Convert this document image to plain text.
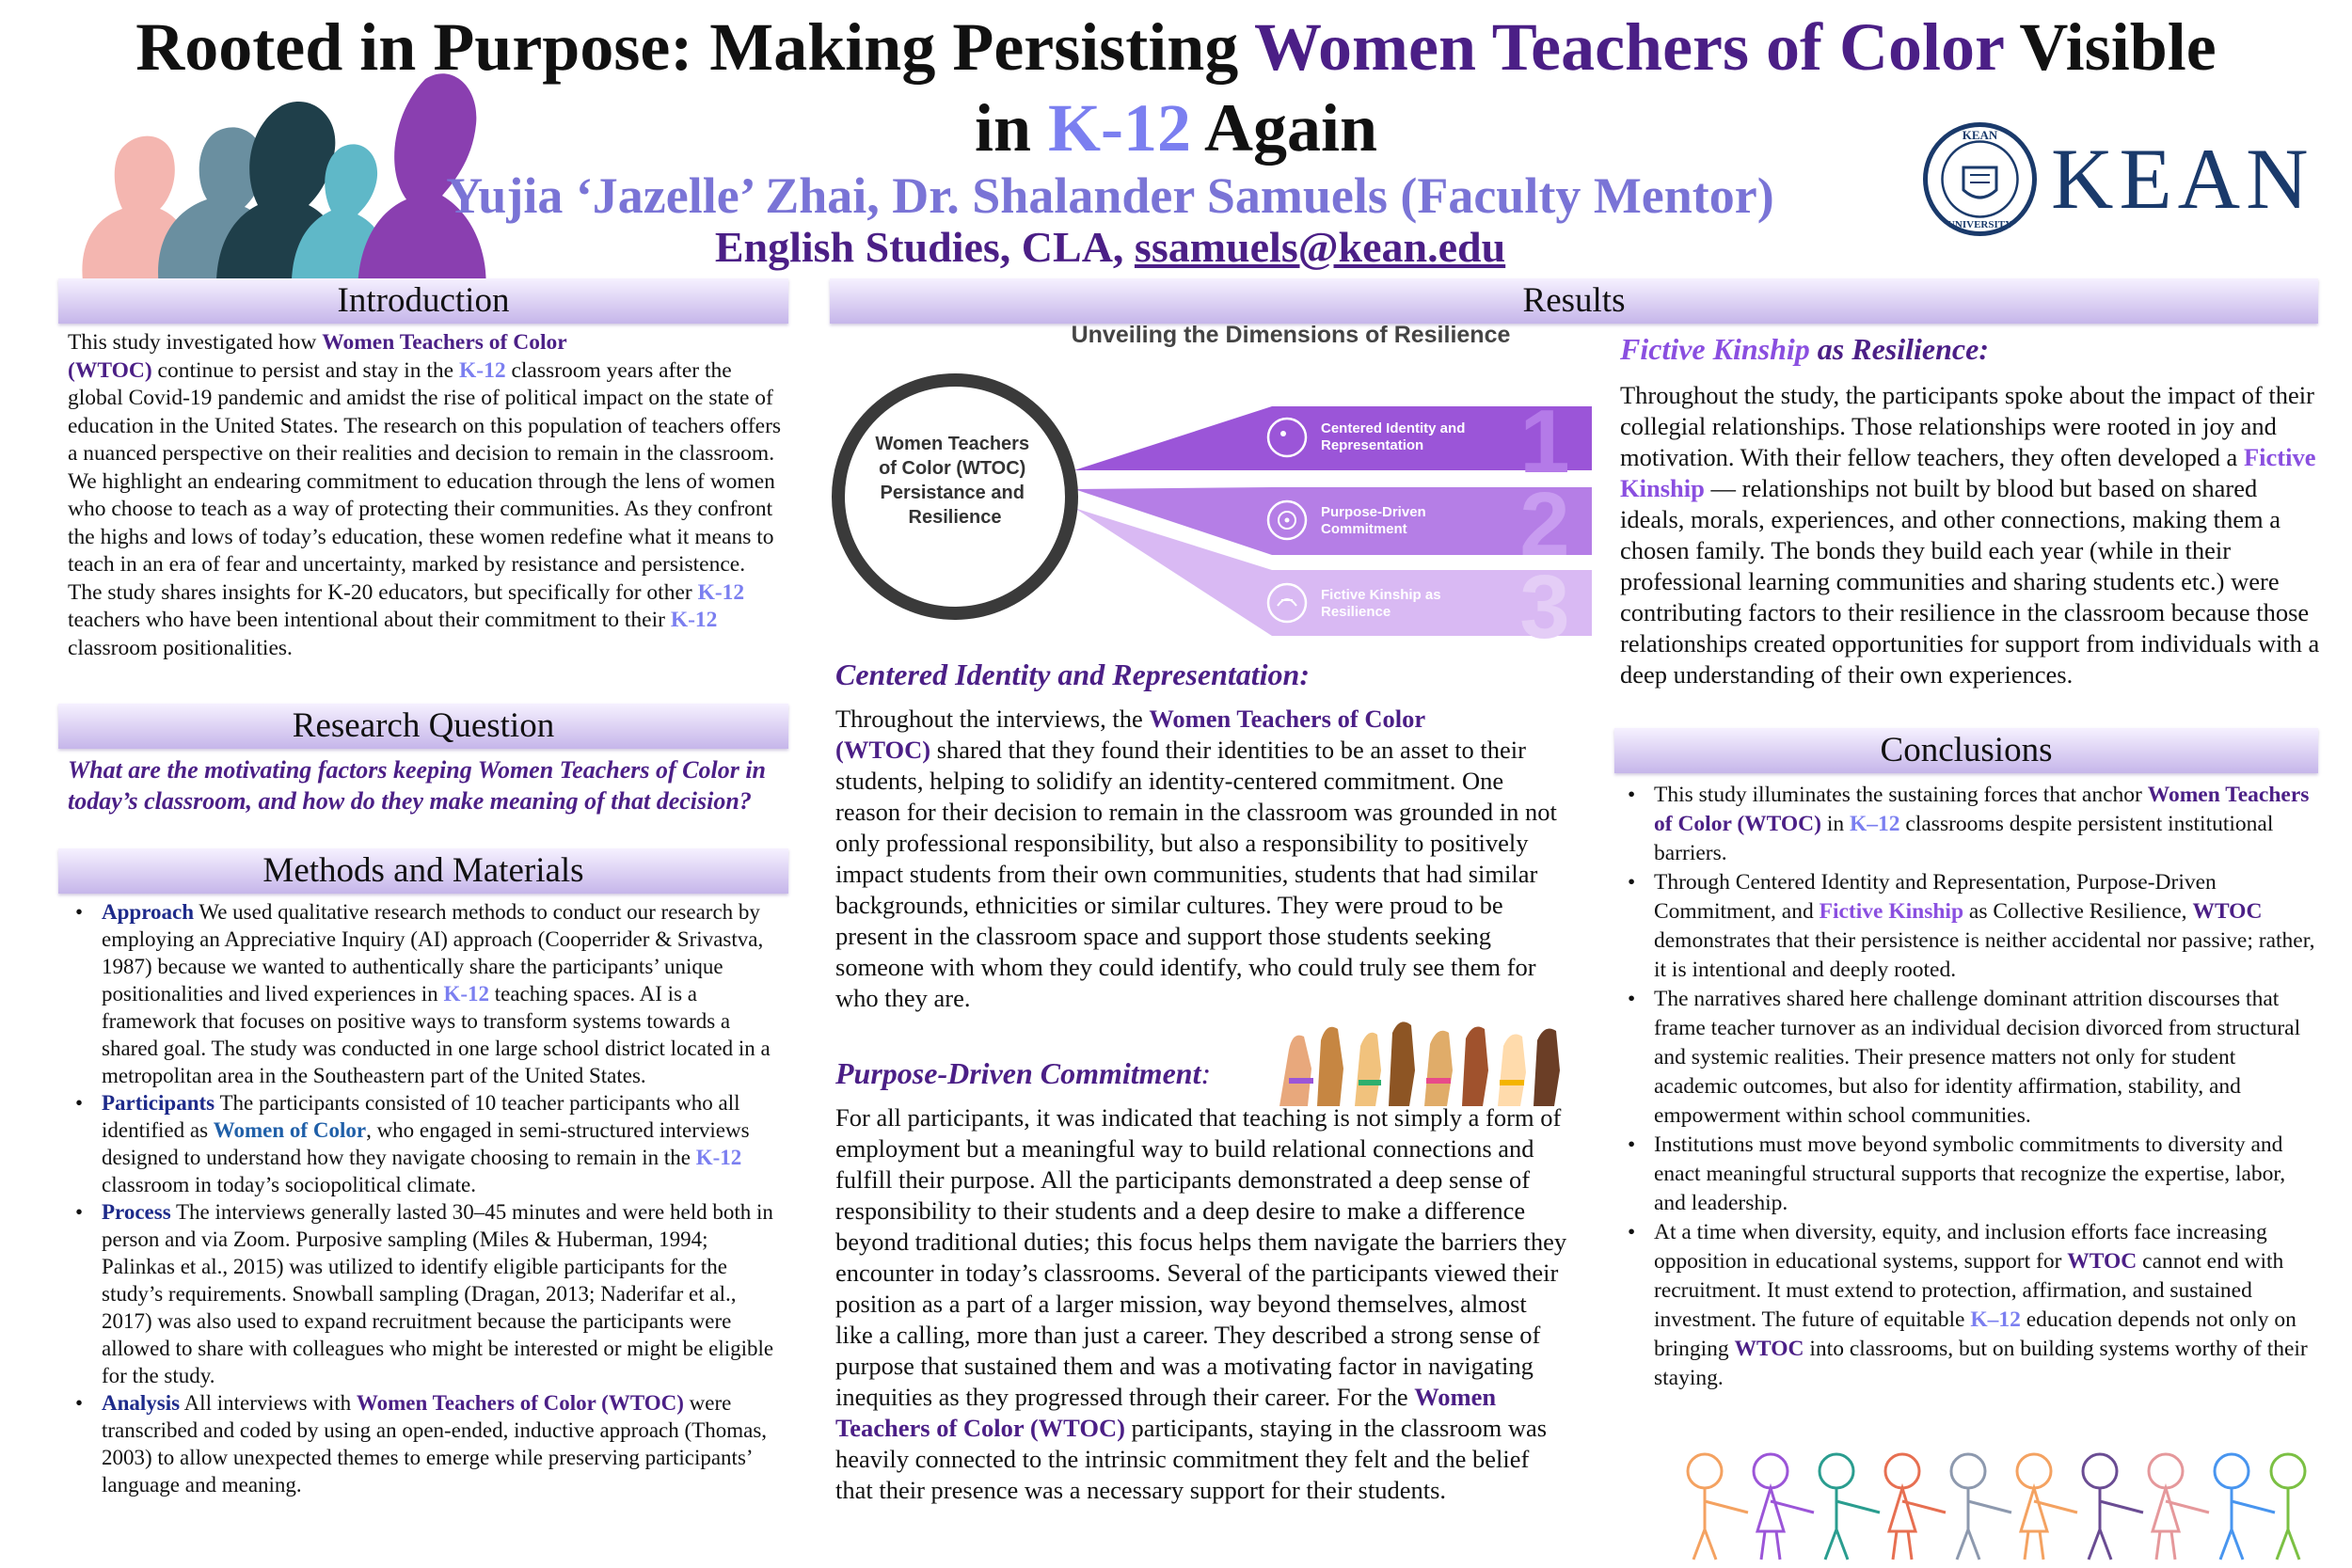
Rooted in Purpose: Making Persisting Women Teachers of Color Visible
in K-12 Again
Yujia ‘Jazelle’ Zhai, Dr. Shalander Samuels (Faculty Mentor)
English Studies, CLA, ssamuels@kean.edu
KEAN
UNIVERSITY KEAN
Introduction

This study investigated how Women Teachers of Color
(WTOC) continue to persist and stay in the K-12 classroom years after the global Covid-19 pandemic and amidst the rise of political impact on the state of education in the United States. The research on this population of teachers offers a nuanced perspective on their realities and decision to remain in the classroom. We highlight an endearing commitment to education through the lens of women who choose to teach as a way of protecting their communities. As they confront the highs and lows of today’s education, these women redefine what it means to teach in an era of fear and uncertainty, marked by resistance and persistence. The study shares insights for K-20 educators, but specifically for other K-12 teachers who have been intentional about their commitment to their K-12 classroom positionalities.

Research Question
What are the motivating factors keeping Women Teachers of Color in today’s classroom, and how do they make meaning of that decision?
Methods and Materials
• Approach We used qualitative research methods to conduct our research by employing an Appreciative Inquiry (AI) approach (Cooperrider & Srivastva, 1987) because we wanted to authentically share the participants’ unique positionalities and lived experiences in K-12 teaching spaces. AI is a framework that focuses on positive ways to transform systems towards a shared goal. The study was conducted in one large school district located in a metropolitan area in the Southeastern part of the United States.
• Participants The participants consisted of 10 teacher participants who all identified as Women of Color, who engaged in semi-structured interviews designed to understand how they navigate choosing to remain in the K-12 classroom in today’s sociopolitical climate.
• Process The interviews generally lasted 30–45 minutes and were held both in person and via Zoom. Purposive sampling (Miles & Huberman, 1994; Palinkas et al., 2015) was utilized to identify eligible participants for the study’s requirements. Snowball sampling (Dragan, 2013; Naderifar et al., 2017) was also used to expand recruitment because the participants were allowed to share with colleagues who might be interested or might be eligible for the study.
• Analysis All interviews with Women Teachers of Color (WTOC) were transcribed and coded by using an open-ended, inductive approach (Thomas, 2003) to allow unexpected themes to emerge while preserving participants’ language and meaning.
Results
Unveiling the Dimensions of Resilience
Women Teachers of Color (WTOC) Persistance and Resilience
Centered Identity and Representation	1
Purpose-Driven Commitment 2
Fictive Kinship as Resilience	3
Centered Identity and Representation:

Throughout the interviews, the Women Teachers of Color
(WTOC) shared that they found their identities to be an asset to their students, helping to solidify an identity-centered commitment. One reason for their decision to remain in the classroom was grounded in not only professional responsibility, but also a responsibility to positively impact students from their own communities, students that had similar backgrounds, ethnicities or similar cultures. They were proud to be present in the classroom space and support those students seeking someone with whom they could identify, who could truly see them for who they are.

Purpose-Driven Commitment:

For all participants, it was indicated that teaching is not simply a form of employment but a meaningful way to build relational connections and fulfill their purpose. All the participants demonstrated a deep sense of responsibility to their students and a deep desire to make a difference beyond traditional duties; this focus helps them navigate the barriers they encounter in today’s classrooms. Several of the participants viewed their position as a part of a larger mission, way beyond themselves, almost like a calling, more than just a career. They described a strong sense of purpose that sustained them and was a motivating factor in navigating inequities as they progressed through their career. For the Women Teachers of Color (WTOC) participants, staying in the classroom was heavily connected to the intrinsic commitment they felt and the belief that their presence was a necessary support for their students.

Fictive Kinship as Resilience:

Throughout the study, the participants spoke about the impact of their collegial relationships. Those relationships were rooted in joy and motivation. With their fellow teachers, they often developed a Fictive Kinship — relationships not built by blood but based on shared ideals, morals, experiences, and other connections, making them a chosen family. The bonds they build each year (while in their professional learning communities and sharing students etc.) were contributing factors to their resilience in the classroom because those relationships created opportunities for support from individuals with a deep understanding of their own experiences.

Conclusions
• This study illuminates the sustaining forces that anchor Women Teachers of Color (WTOC) in K–12 classrooms despite persistent institutional barriers.
• Through Centered Identity and Representation, Purpose-Driven Commitment, and Fictive Kinship as Collective Resilience, WTOC demonstrates that their persistence is neither accidental nor passive; rather, it is intentional and deeply rooted.
• The narratives shared here challenge dominant attrition discourses that frame teacher turnover as an individual decision divorced from structural and systemic realities. Their presence matters not only for student academic outcomes, but also for identity affirmation, stability, and empowerment within school communities.
• Institutions must move beyond symbolic commitments to diversity and enact meaningful structural supports that recognize the expertise, labor, and leadership.
• At a time when diversity, equity, and inclusion efforts face increasing opposition in educational systems, support for WTOC cannot end with recruitment. It must extend to protection, affirmation, and sustained investment. The future of equitable K–12 education depends not only on bringing WTOC into classrooms, but on building systems worthy of their staying.
